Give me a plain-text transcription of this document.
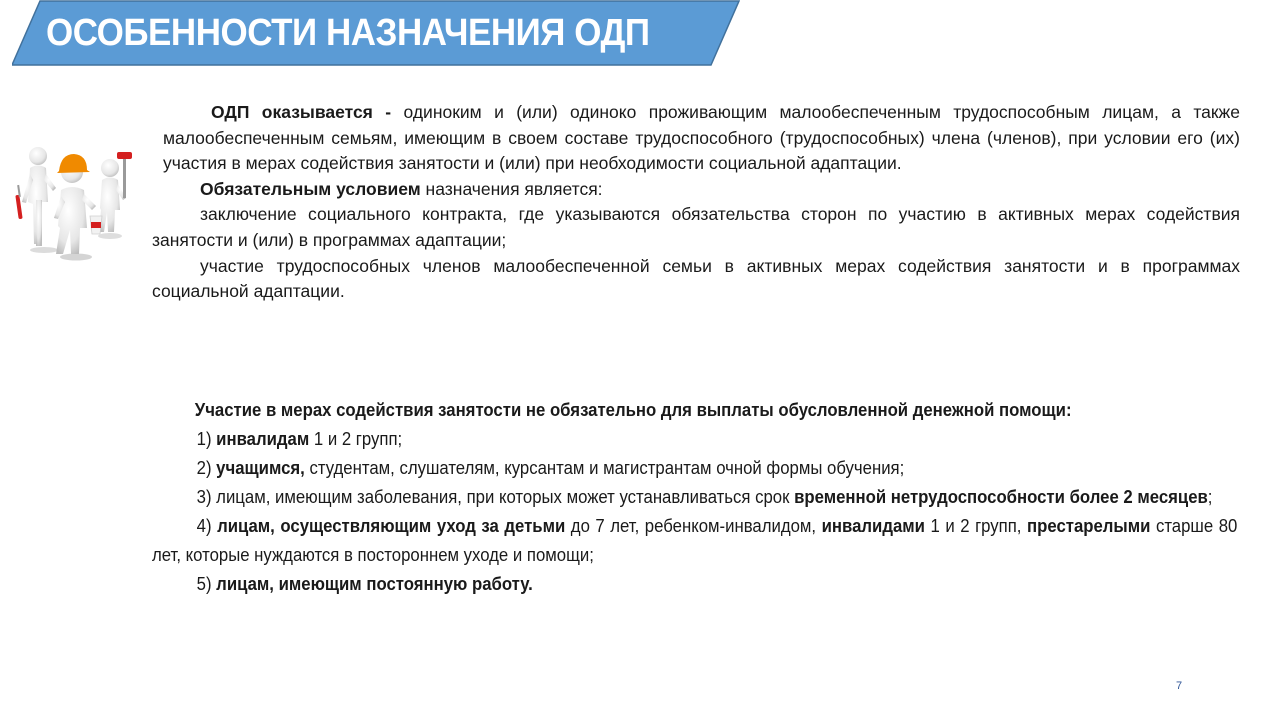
ОСОБЕННОСТИ НАЗНАЧЕНИЯ ОДП

ОДП оказывается - одиноким и (или) одиноко проживающим малообеспеченным трудоспособным лицам, а также малообеспеченным семьям, имеющим в своем составе трудоспособного (трудоспособных) члена (членов), при условии его (их) участия в мерах содействия занятости и (или) при необходимости социальной адаптации.

Обязательным условием назначения является:

заключение социального контракта, где указываются обязательства сторон по участию в активных мерах содействия занятости и (или) в программах адаптации;

участие трудоспособных членов малообеспеченной семьи в активных мерах содействия занятости и в программах социальной адаптации.

Участие в мерах содействия занятости не обязательно для выплаты обусловленной денежной помощи:

1) инвалидам 1 и 2 групп;

2) учащимся, студентам, слушателям, курсантам и магистрантам очной формы обучения;

3) лицам, имеющим заболевания, при которых может устанавливаться срок временной нетрудоспособности более 2 месяцев;

4) лицам, осуществляющим уход за детьми до 7 лет, ребенком-инвалидом, инвалидами 1 и 2 групп, престарелыми старше 80 лет, которые нуждаются в постороннем уходе и помощи;

5) лицам, имеющим постоянную работу.

7
